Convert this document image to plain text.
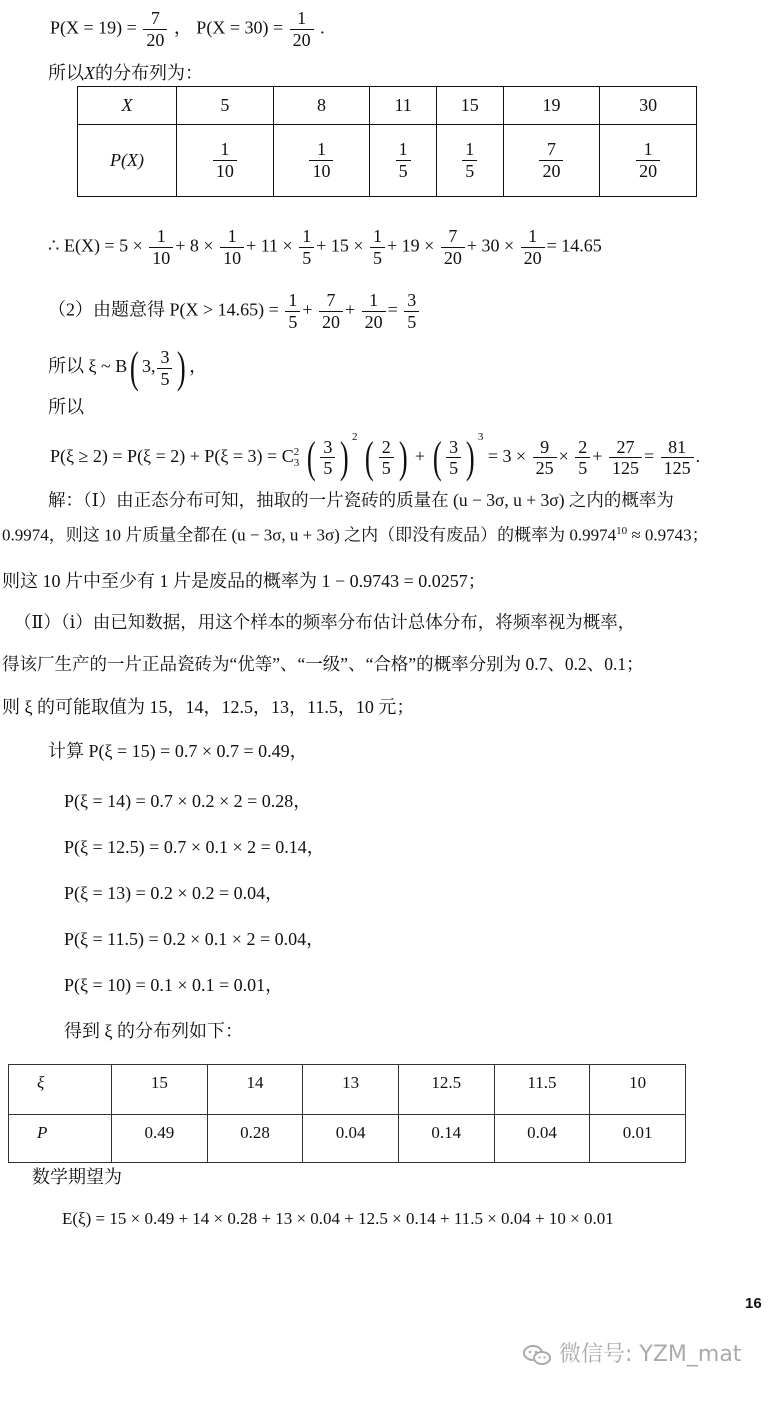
$P(X = 19) = \frac{7}{20}$ ， $P(X = 30) = \frac{1}{20}$ .
所以X的分布列为：
X	5	8	11	15	19	30
P(X)	$\frac{1}{10}$	$\frac{1}{10}$	$\frac{1}{5}$	$\frac{1}{5}$	$\frac{7}{20}$	$\frac{1}{20}$
∴ $E(X) = 5 \times \frac{1}{10} + 8 \times \frac{1}{10} + 11 \times \frac{1}{5} + 15 \times \frac{1}{5} + 19 \times \frac{7}{20} + 30 \times \frac{1}{20} = 14.65$
（2）由题意得 $P(X > 14.65) = \frac{1}{5} + \frac{7}{20} + \frac{1}{20} = \frac{3}{5}$
所以 ξ ~ B( 3, $\frac{3}{5}$ ) ，
所以
P(ξ ≥ 2) = P(ξ = 2) + P(ξ = 3) = C 2
3 ( $\frac{3}{5}$ ) $^2$ ( $\frac{2}{5}$ ) + ( $\frac{3}{5}$ ) $^3 = 3 \times \frac{9}{25} \times \frac{2}{5} + \frac{27}{125} = \frac{81}{125}$ .
解：（Ⅰ）由正态分布可知，抽取的一片瓷砖的质量在 (u − 3σ, u + 3σ) 之内的概率为
0.9974，则这 10 片质量全都在 (u − 3σ, u + 3σ) 之内（即没有废品）的概率为 $0.9974^{10} \approx 0.9743$；
则这 10 片中至少有 1 片是废品的概率为 1 − 0.9743 = 0.0257；
（Ⅱ）（ⅰ）由已知数据，用这个样本的频率分布估计总体分布，将频率视为概率，
得该厂生产的一片正品瓷砖为“优等”、“一级”、“合格”的概率分别为 0.7、0.2、0.1；
则 ξ 的可能取值为 15，14，12.5，13，11.5，10 元；
计算 P(ξ = 15) = 0.7 × 0.7 = 0.49，
P(ξ = 14) = 0.7 × 0.2 × 2 = 0.28，
P(ξ = 12.5) = 0.7 × 0.1 × 2 = 0.14，
P(ξ = 13) = 0.2 × 0.2 = 0.04，
P(ξ = 11.5) = 0.2 × 0.1 × 2 = 0.04，
P(ξ = 10) = 0.1 × 0.1 = 0.01，
得到 ξ 的分布列如下：
ξ	15	14	13	12.5	11.5	10
P	0.49	0.28	0.04	0.14	0.04	0.01
数学期望为
E(ξ) = 15 × 0.49 + 14 × 0.28 + 13 × 0.04 + 12.5 × 0.14 + 11.5 × 0.04 + 10 × 0.01
16
微信号: YZM_mat
